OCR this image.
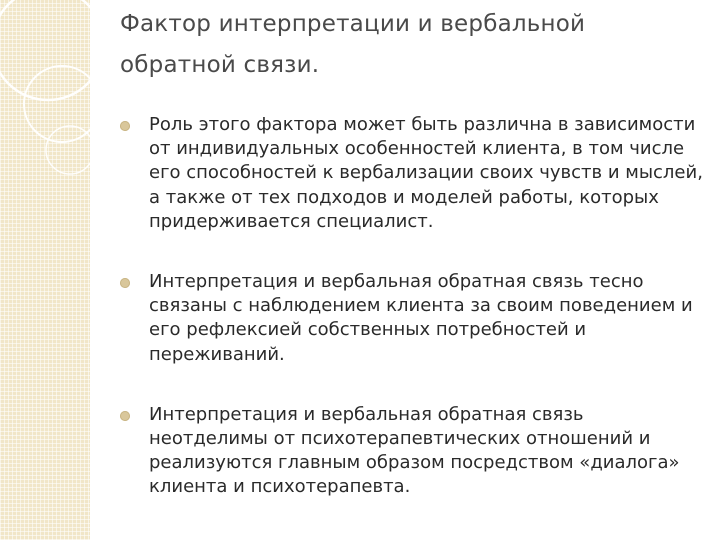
Фактор интерпретации и вербальной обратной связи.
Роль этого фактора может быть различна в зависимости от индивидуальных особенностей клиента, в том числе его способностей к вербализации своих чувств и мыслей, а также от тех подходов и моделей работы, которых придерживается специалист.
Интерпретация и вербальная обратная связь тесно связаны с наблюдением клиента за своим поведением и его рефлексией собственных потребностей и переживаний.
Интерпретация и вербальная обратная связь неотделимы от психотерапевтических отношений и реализуются главным образом посредством «диалога» клиента и психотерапевта.
